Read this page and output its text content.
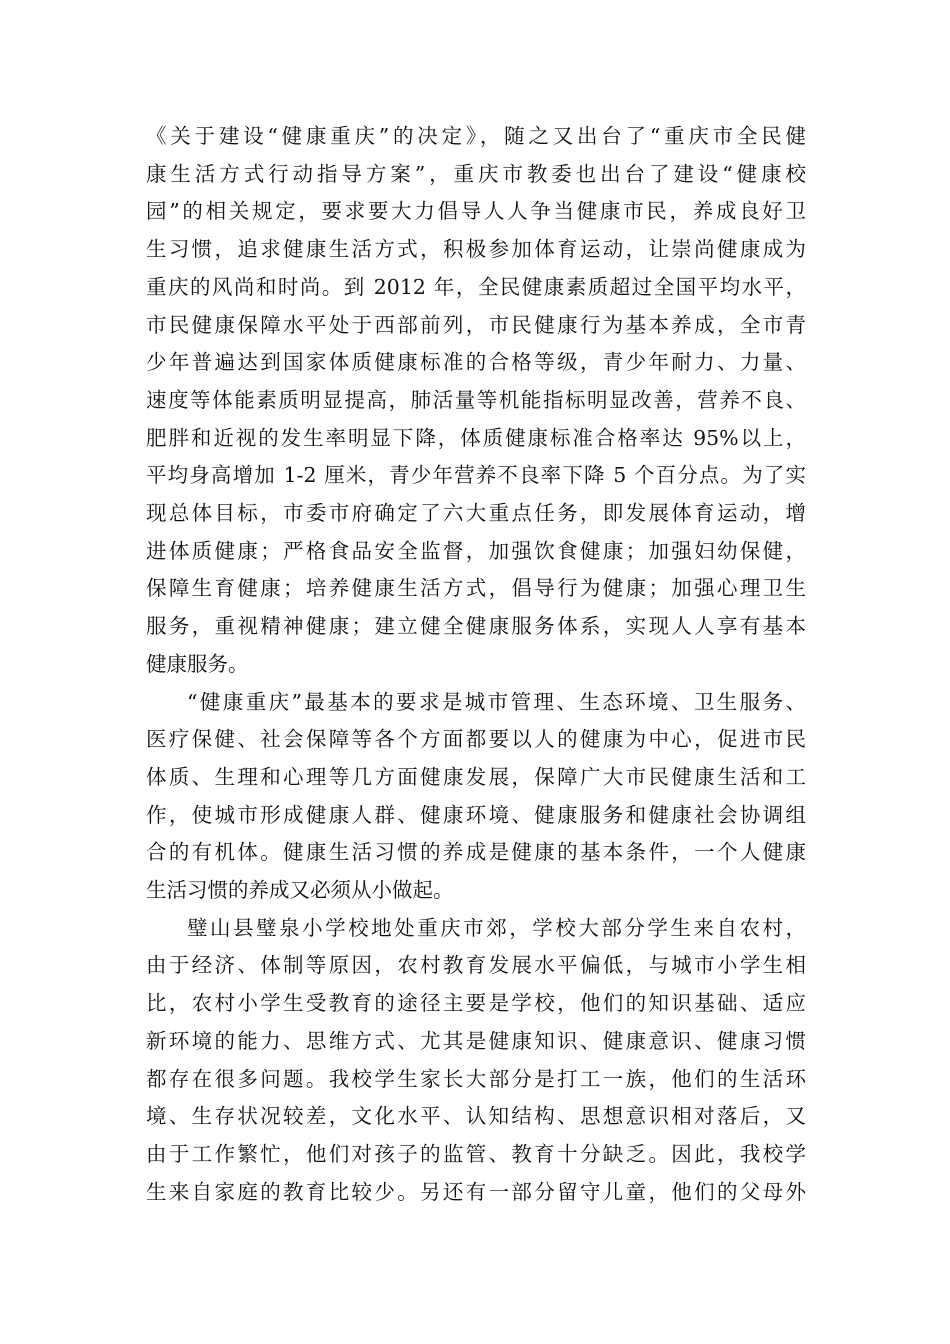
《关于建设“健康重庆”的决定》，随之又出台了“重庆市全民健
康生活方式行动指导方案”，重庆市教委也出台了建设“健康校
园”的相关规定，要求要大力倡导人人争当健康市民，养成良好卫
生习惯，追求健康生活方式，积极参加体育运动，让崇尚健康成为
重庆的风尚和时尚。到 2012 年，全民健康素质超过全国平均水平，
市民健康保障水平处于西部前列，市民健康行为基本养成，全市青
少年普遍达到国家体质健康标准的合格等级，青少年耐力、力量、
速度等体能素质明显提高，肺活量等机能指标明显改善，营养不良、
肥胖和近视的发生率明显下降，体质健康标准合格率达 95%以上，
平均身高增加 1-2 厘米，青少年营养不良率下降 5 个百分点。为了实
现总体目标，市委市府确定了六大重点任务，即发展体育运动，增
进体质健康；严格食品安全监督，加强饮食健康；加强妇幼保健，
保障生育健康；培养健康生活方式，倡导行为健康；加强心理卫生
服务，重视精神健康；建立健全健康服务体系，实现人人享有基本
健康服务。
“健康重庆”最基本的要求是城市管理、生态环境、卫生服务、
医疗保健、社会保障等各个方面都要以人的健康为中心，促进市民
体质、生理和心理等几方面健康发展，保障广大市民健康生活和工
作，使城市形成健康人群、健康环境、健康服务和健康社会协调组
合的有机体。健康生活习惯的养成是健康的基本条件，一个人健康
生活习惯的养成又必须从小做起。
璧山县璧泉小学校地处重庆市郊，学校大部分学生来自农村，
由于经济、体制等原因，农村教育发展水平偏低，与城市小学生相
比，农村小学生受教育的途径主要是学校，他们的知识基础、适应
新环境的能力、思维方式、尤其是健康知识、健康意识、健康习惯
都存在很多问题。我校学生家长大部分是打工一族，他们的生活环
境、生存状况较差，文化水平、认知结构、思想意识相对落后，又
由于工作繁忙，他们对孩子的监管、教育十分缺乏。因此，我校学
生来自家庭的教育比较少。另还有一部分留守儿童，他们的父母外
